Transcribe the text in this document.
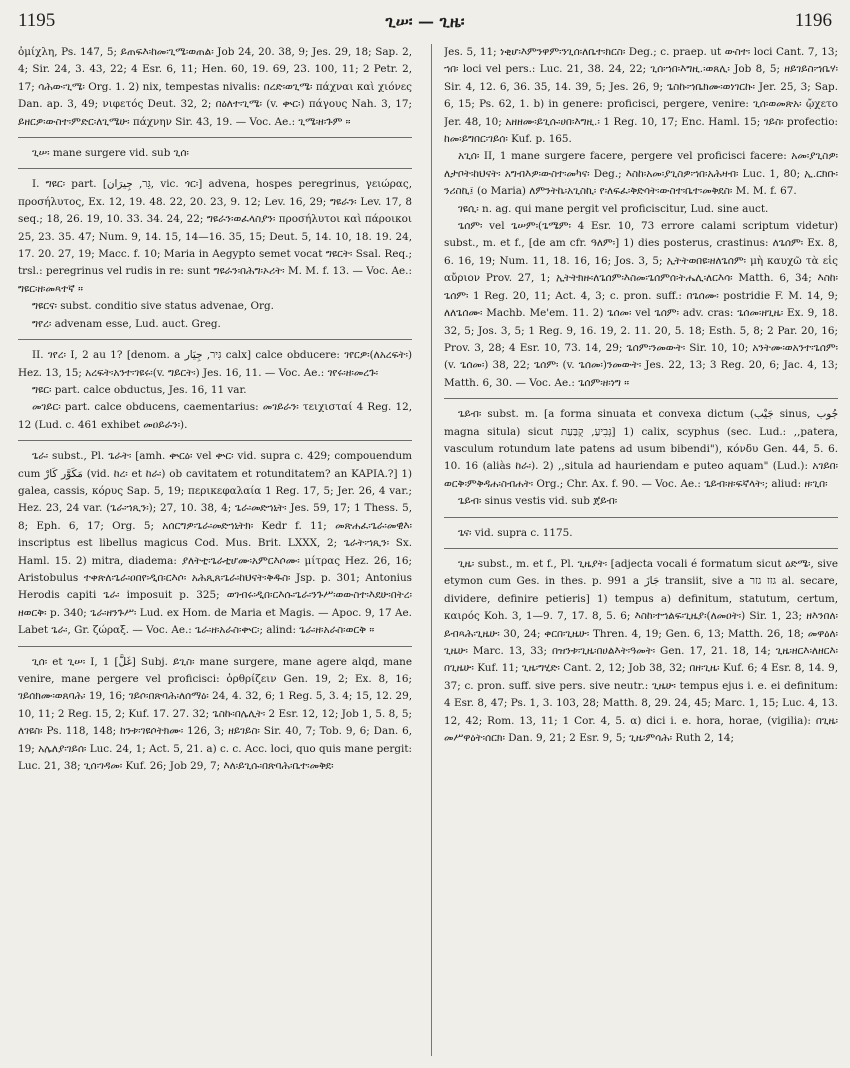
1195	ጊሠ፡ — ጊዜ፡	1196

ὀμίχλη, Ps. 147, 5; ይጠፍእ፡ከመ፡ጊሜ፡ወጠል፡ Job 24, 20. 38, 9; Jes. 29, 18; Sap. 2, 4; Sir. 24, 3. 43, 22; 4 Esr. 6, 11; Hen. 60, 19. 69, 23. 100, 11; 2 Petr. 2, 17; ሳሕው፡ጊሜ፡ Org. 1. 2) nix, tempestas nivalis: በረድ፡ወጊሜ፡ πάχναι καὶ χιόνες Dan. ap. 3, 49; νιφετός Deut. 32, 2; በዕለተ፡ጊሜ፡ (v. ቍር፡) πάγους Nah. 3, 17; ይዘርዎ፡ውስተ፡ምድር፡ለጊሜሁ፡ πάχνην Sir. 43, 19. — Voc. Ae.: ጊሜ፡ዘ፡ጉም ።

ጊሠ፡ mane surgere vid. sub ጊሰ፡

I. ግዩር፡ part. [גֵּר, جِيرَان, vic. ጎር፡] advena, hospes peregrinus, γειώρας, προσήλυτος, Ex. 12, 19. 48. 22, 20. 23, 9. 12; Lev. 16, 29; ግዩራን፡ Lev. 17, 8 seq.; 18, 26. 19, 10. 33. 34. 24, 22; ግዩራን፡ወፈላስያን፡ προσήλυτοι καὶ πάροικοι 25, 23. 35. 47; Num. 9, 14. 15, 14—16. 35, 15; Deut. 5, 14. 10, 18. 19. 24, 17. 20. 27, 19; Macc. f. 10; Maria in Aegypto semet vocat ግዩርት፡ Ssal. Req.; trsl.: peregrinus vel rudis in re: sunt ግዩራን፡በሕግ፡ኦሪት፡ M. M. f. 13. — Voc. Ae.: ግዩር፡ዘ፡መጻተኛ ።

ግዩርና፡ subst. conditio sive status advenae, Org.

ግየረ፡ advenam esse, Lud. auct. Greg.

II. ገየረ፡ I, 2 au 1? [denom. a גִּיר, جِيَار calx] calce obducere: ገየርዎ፡(ለአረፍት፡) Hez. 13, 15; አረፍት፡አንተ፡ገዩሩ፡(v. ግይርት፡) Jes. 16, 11. — Voc. Ae.: ገየሩ፡ዘ፡መረጉ፡

ግዩር፡ part. calce obductus, Jes. 16, 11 var.

መገይር፡ part. calce obducens, caementarius: መገይራን፡ τειχισταί 4 Reg. 12, 12 (Lud. c. 461 exhibet መዐይራን፡).

ጌራ፡ subst., Pl. ጌራት፡ [amh. ቍርዕ፡ vel ቍር፡ vid. supra c. 429; compouendum cum مَكَوَّر كَارْ (vid. ከረ፡ et ከራ፡) ob cavitatem et rotunditatem? an KAPIA.?] 1) galea, cassis, κόρυς Sap. 5, 19; περικεφαλαία 1 Reg. 17, 5; Jer. 26, 4 var.; Hez. 23, 24 var. (ጌራ፡ኀጺን፡); 27, 10. 38, 4; ጌራ፡መድኀኒት፡ Jes. 59, 17; 1 Thess. 5, 8; Eph. 6, 17; Org. 5; አሰርግዎ፡ጌራ፡መድኀኒትክ፡ Kedr f. 11; መጽሐፈ፡ጌራ፡መዊእ፡ inscriptus est libellus magicus Cod. Mus. Brit. LXXX, 2; ጌራት፡ኀጺን፡ Sx. Haml. 15. 2) mitra, diadema: ያለትቲ፡ጌራቲሆሙ፡አምርእሶሙ፡ μίτρας Hez. 26, 16; Aristobulus ተቀጽለ፡ጌራ፡ዐበየ፡ዲበ፡ርእሶ፡ አሕጺጸ፡ጌራ፡ከህናት፡ቅዱስ፡ Jsp. p. 301; Antonius Herodis capiti ጌራ፡ imposuit p. 325; ወገብሩ፡ዲበ፡ርእሱ፡ጌራ፡ንጉሥ፡ወውስተ፡እደሁ፡በትረ፡ዘወርቅ፡ p. 340; ጌራ፡ዘንጉሥ፡ Lud. ex Hom. de Maria et Magis. — Apoc. 9, 17 Ae. Labet ጌራ፡, Gr. ζώραξ. — Voc. Ae.: ጌራ፡ዘ፡አራስ፡ቍር፡; alind: ጌራ፡ዘ፡አራስ፡ወርቅ ።

ጊሰ፡ et ጊሠ፡ I, 1 [غَلَّ] Subj. ይጊስ፡ mane surgere, mane agere alqd, mane venire, mane pergere vel proficisci: ὀρθρίζειν Gen. 19, 2; Ex. 8, 16; ገይሰክሙ፡ወጸባሕ፡ 19, 16; ገይሶ፡በጽባሕ፡ለሰማዕ፡ 24, 4. 32, 6; 1 Reg. 5, 3. 4; 15, 12. 29, 10, 11; 2 Reg. 15, 2; Kuf. 17. 27. 32; ጌስኩ፡በሌሊት፡ 2 Esr. 12, 12; Job 1, 5. 8, 5; ለገዩስ፡ Ps. 118, 148; ከንቱ፡ገዩሶትክሙ፡ 126, 3; ዘይገይስ፡ Sir. 40, 7; Tob. 9, 6; Dan. 6, 19; አሌለያ፡ገይሰ፡ Luc. 24, 1; Act. 5, 21. a) c. c. Acc. loci, quo quis mane pergit: Luc. 21, 38; ጊሰ፡ገዳመ፡ Kuf. 26; Job 29, 7; እለ፡ይጊሱ፡በጽባሕ፡ቤተ፡መቅደ፡

Jes. 5, 11; ነቂሆ፡እምንዋም፡ንጊሰ፡ለቤተ፡ክርስ፡ Deg.; c. praep. ut ውስተ፡ loci Cant. 7, 13; ኀበ፡ loci vel pers.: Luc. 21, 38. 24, 22; ጊሰ፡ኀበ፡እግዚ.፡ወጸሊ፡ Job 8, 5; ዘይገይስ፡ኀቤሃ፡ Sir. 4, 12. 6, 36. 35, 14. 39, 5; Jes. 26, 9; ጌስኩ፡ኀቤክሙ፡ወነገርኩ፡ Jer. 25, 3; Sap. 6, 15; Ps. 62, 1. b) in genere: proficisci, pergere, venire: ጊሰ፡ወመጽአ፡ ᾤχετο Jer. 48, 10; አዘዘሙ፡ይጊሱ፡ሀበ፡እግዚ.፡ 1 Reg. 10, 17; Enc. Haml. 15; ገይስ፡ profectio: ከመ፡ይግበር፡ገይሰ፡ Kuf. p. 165.

አጊሰ፡ II, 1 mane surgere facere, pergere vel proficisci facere: አመ፡ያጊስዎ፡ለታቦት፡ከህናት፡ አግብእዎ፡ውስተ፡መካና፡ Deg.; እስከ፡አመ፡ያጊስዎ፡ኀበ፡አሕዛብ፡ Luc. 1, 80; ኢ.ርክቡ፡ንሪስኪ፤ (o Maria) ለምንትኬ፡አጊስኪ፡ የ፡ለፍፈ፡ቅድሳት፡ውስተ፡ቤተ፡መቅደስ፡ M. M. f. 67.

ገዩሲ፡ n. ag. qui mane pergit vel proficiscitur, Lud. sine auct.

ጌሰም፡ vel ጌሠም፡(ጌሜም፡ 4 Esr. 10, 73 errore calami scriptum videtur) subst., m. et f., [de am cfr. ዓለም፡] 1) dies posterus, crastinus: ለጌሰም፡ Ex. 8, 6. 16, 19; Num. 11, 18. 16, 16; Jos. 3, 5; ኢትትወበዩ፡ዘለጌሰም፡ μὴ καυχῶ τὰ εἰς αὔριον Prov. 27, 1; ኢትትክዙ፡ለጌሰም፡እስመ፡ጌሰምሰ፡ትሔሊ፡ለርእሳ፡ Matth. 6, 34; እስከ፡ጌሰም፡ 1 Reg. 20, 11; Act. 4, 3; c. pron. suff.: በጌሰሙ፡ postridie F. M. 14, 9; ለለጌሰሙ፡ Machb. Me'em. 11. 2) ጌሰመ፡ vel ጌሰም፡ adv. cras: ጌሰመ፡ዘጊዜ፡ Ex. 9, 18. 32, 5; Jos. 3, 5; 1 Reg. 9, 16. 19, 2. 11. 20, 5. 18; Esth. 5, 8; 2 Par. 20, 16; Prov. 3, 28; 4 Esr. 10, 73. 14, 29; ጌሰም፡ንመውት፡ Sir. 10, 10; አንትሙ፡ወአንተ፡ጌሰም፡ (v. ጌሰመ፡) 38, 22; ጌሰም፡ (v. ጌሰመ፡)ንመውት፡ Jes. 22, 13; 3 Reg. 20, 6; Jac. 4, 13; Matth. 6, 30. — Voc. Ae.: ጌሰም፡ዘ፡ነግ ።

ጌይብ፡ subst. m. [a forma sinuata et convexa dictum (جَيْب sinus, جُوب magna situla) sicut גְּבִיעַ, קֻבַּעַת] 1) calix, scyphus (sec. Lud.: ,,patera, vasculum rotundum late patens ad usum bibendi"), κόνδυ Gen. 44, 5. 6. 10. 16 (aliàs ከራ፡). 2) ,,situla ad hauriendam e puteo aquam" (Lud.): አገይበ፡ወርቅ፡ምቅዳሐ፡ስብሐት፡ Org.; Chr. Ax. f. 90. — Voc. Ae.: ጌይብ፡ዘ፡ፍኛላት፡; aliud: ዘ፡ጊበ፡

ጌይብ፡ sinus vestis vid. sub ጀይብ፡

ጌና፡ vid. supra c. 1175.

ጊዜ፡ subst., m. et f., Pl. ጊዜያት፡ [adjecta vocali é formatum sicut ዕድሜ፡, sive etymon cum Ges. in thes. p. 991 a جَازَ transiit, sive a גזז גזר al. secare, dividere, definire petieris] 1) tempus a) definitum, statutum, certum, καιρός Koh. 3, 1—9. 7, 17. 8, 5. 6; እስከ፡ተኀልፍ፡ጊዜያ፡(ለመዐት፡) Sir. 1, 23; ዘእንበለ፡ይብጻሕ፡ጊዜሁ፡ 30, 24; ቀርበ፡ጊዜሁ፡ Thren. 4, 19; Gen. 6, 13; Matth. 26, 18; መዋዕለ፡ጊዜሁ፡ Marc. 13, 33; በዝንቱ፡ጊዜ፡በሀልእት፡ዓመት፡ Gen. 17, 21. 18, 14; ጊዜ፡ዘርእ፡ለዘርእ፡በጊዜሁ፡ Kuf. 11; ጊዜ፡ግሂድ፡ Cant. 2, 12; Job 38, 32; በዘ፡ጊዜ፡ Kuf. 6; 4 Esr. 8, 14. 9, 37; c. pron. suff. sive pers. sive neutr.: ጊዜሁ፡ tempus ejus i. e. ei definitum: 4 Esr. 8, 47; Ps. 1, 3. 103, 28; Matth. 8, 29. 24, 45; Marc. 1, 15; Luc. 4, 13. 12, 42; Rom. 13, 11; 1 Cor. 4, 5. α) dici i. e. hora, horae, (vigilia): በጊዜ፡መሥዋዕት፡ሰርክ፡ Dan. 9, 21; 2 Esr. 9, 5; ጊዜ፡ምሳሕ፡ Ruth 2, 14;
